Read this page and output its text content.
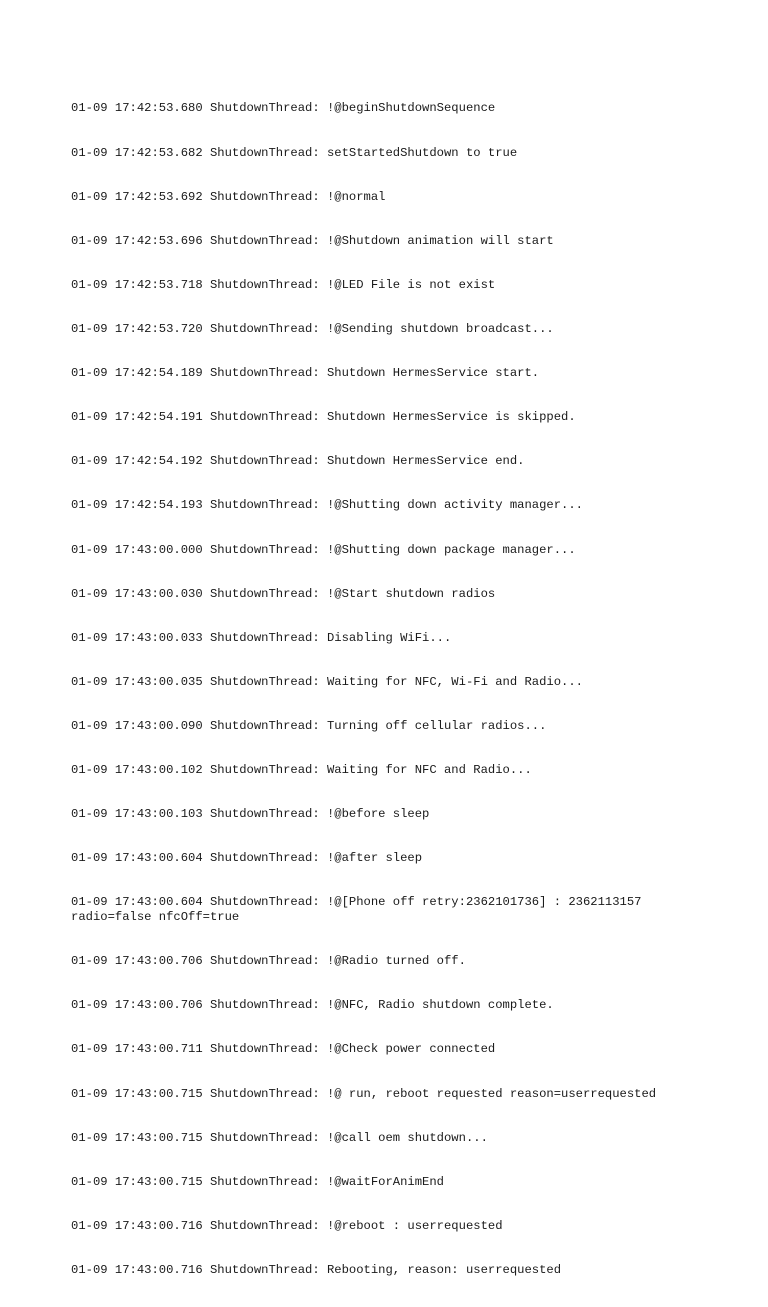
01-09 17:42:53.680 ShutdownThread: !@beginShutdownSequence

01-09 17:42:53.682 ShutdownThread: setStartedShutdown to true

01-09 17:42:53.692 ShutdownThread: !@normal

01-09 17:42:53.696 ShutdownThread: !@Shutdown animation will start

01-09 17:42:53.718 ShutdownThread: !@LED File is not exist

01-09 17:42:53.720 ShutdownThread: !@Sending shutdown broadcast...

01-09 17:42:54.189 ShutdownThread: Shutdown HermesService start.

01-09 17:42:54.191 ShutdownThread: Shutdown HermesService is skipped.

01-09 17:42:54.192 ShutdownThread: Shutdown HermesService end.

01-09 17:42:54.193 ShutdownThread: !@Shutting down activity manager...

01-09 17:43:00.000 ShutdownThread: !@Shutting down package manager...

01-09 17:43:00.030 ShutdownThread: !@Start shutdown radios

01-09 17:43:00.033 ShutdownThread: Disabling WiFi...

01-09 17:43:00.035 ShutdownThread: Waiting for NFC, Wi-Fi and Radio...

01-09 17:43:00.090 ShutdownThread: Turning off cellular radios...

01-09 17:43:00.102 ShutdownThread: Waiting for NFC and Radio...

01-09 17:43:00.103 ShutdownThread: !@before sleep

01-09 17:43:00.604 ShutdownThread: !@after sleep

01-09 17:43:00.604 ShutdownThread: !@[Phone off retry:2362101736] : 2362113157 radio=false nfcOff=true

01-09 17:43:00.706 ShutdownThread: !@Radio turned off.

01-09 17:43:00.706 ShutdownThread: !@NFC, Radio shutdown complete.

01-09 17:43:00.711 ShutdownThread: !@Check power connected

01-09 17:43:00.715 ShutdownThread: !@ run, reboot requested reason=userrequested

01-09 17:43:00.715 ShutdownThread: !@call oem shutdown...

01-09 17:43:00.715 ShutdownThread: !@waitForAnimEnd

01-09 17:43:00.716 ShutdownThread: !@reboot : userrequested

01-09 17:43:00.716 ShutdownThread: Rebooting, reason: userrequested
